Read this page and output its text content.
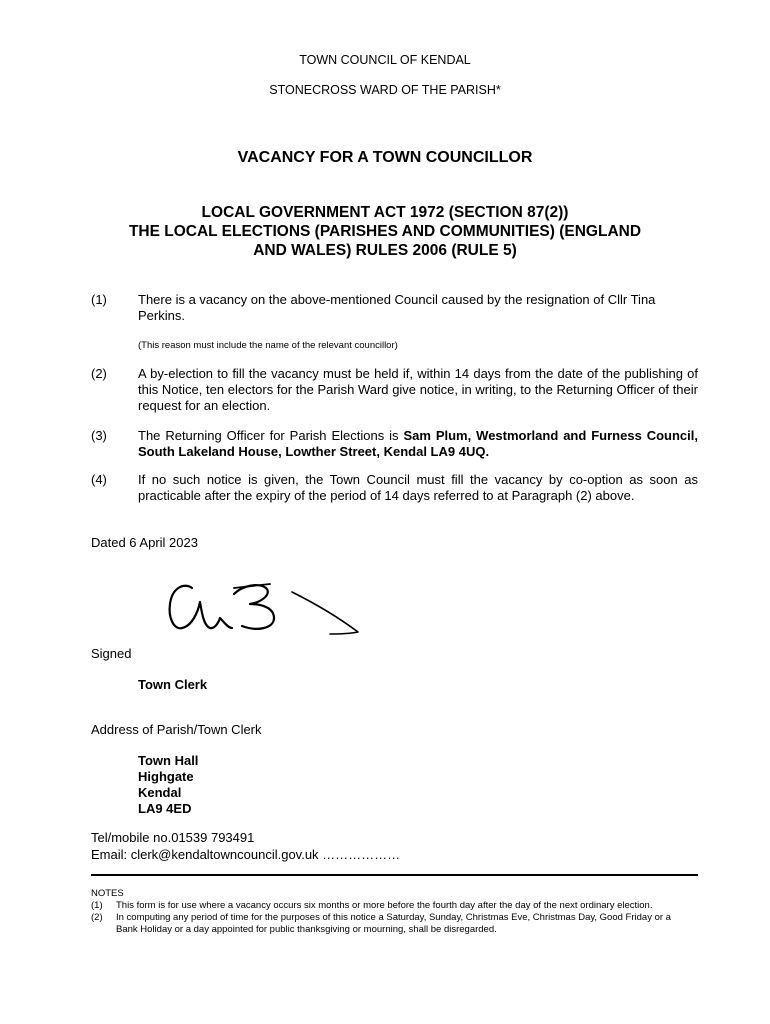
TOWN COUNCIL OF KENDAL
STONECROSS WARD OF THE PARISH*
VACANCY FOR A TOWN COUNCILLOR
LOCAL GOVERNMENT ACT 1972 (SECTION 87(2))
THE LOCAL ELECTIONS (PARISHES AND COMMUNITIES) (ENGLAND
AND WALES) RULES 2006 (RULE 5)
(1) There is a vacancy on the above-mentioned Council caused by the resignation of Cllr Tina Perkins.
(This reason must include the name of the relevant councillor)
(2) A by-election to fill the vacancy must be held if, within 14 days from the date of the publishing of this Notice, ten electors for the Parish Ward give notice, in writing, to the Returning Officer of their request for an election.
(3) The Returning Officer for Parish Elections is Sam Plum, Westmorland and Furness Council, South Lakeland House, Lowther Street, Kendal LA9 4UQ.
(4) If no such notice is given, the Town Council must fill the vacancy by co-option as soon as practicable after the expiry of the period of 14 days referred to at Paragraph (2) above.
Dated 6 April 2023
Signed
Town Clerk
Address of Parish/Town Clerk
Town Hall
Highgate
Kendal
LA9 4ED
Tel/mobile no.01539 793491
Email: clerk@kendaltowncouncil.gov.uk ………………
NOTES
(1)	This form is for use where a vacancy occurs six months or more before the fourth day after the day of the next ordinary election.
(2)	In computing any period of time for the purposes of this notice a Saturday, Sunday, Christmas Eve, Christmas Day, Good Friday or a Bank Holiday or a day appointed for public thanksgiving or mourning, shall be disregarded.
